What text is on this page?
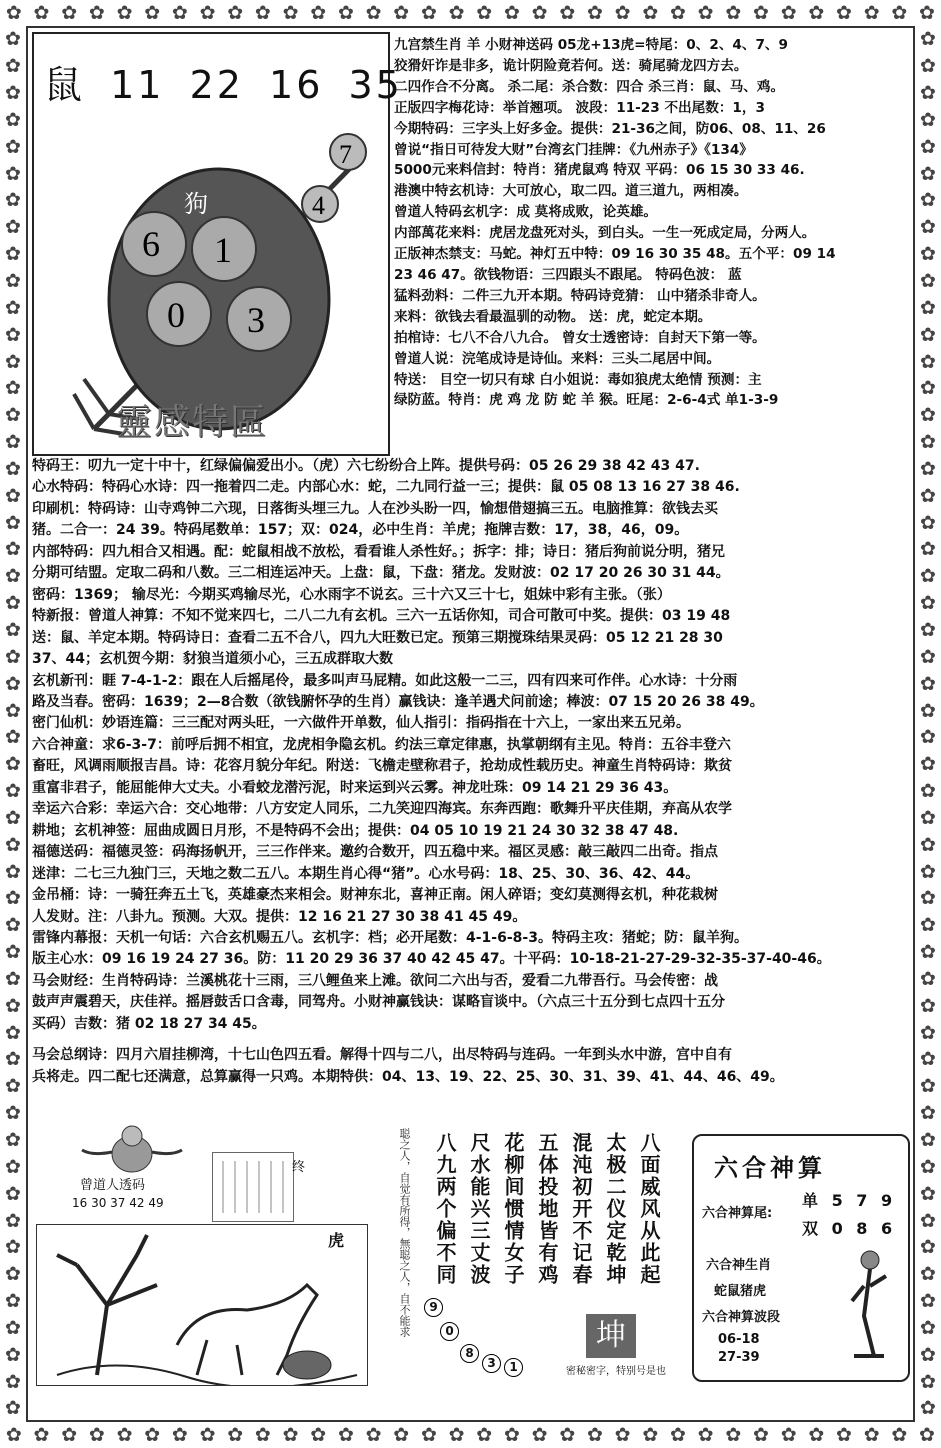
✿ ✿ ✿ ✿ ✿ ✿ ✿ ✿ ✿ ✿ ✿ ✿ ✿ ✿ ✿ ✿ ✿ ✿ ✿ ✿ ✿ ✿ ✿ ✿ ✿ ✿ ✿ ✿ ✿ ✿ ✿ ✿ ✿ ✿
✿ ✿ ✿ ✿ ✿ ✿ ✿ ✿ ✿ ✿ ✿ ✿ ✿ ✿ ✿ ✿ ✿ ✿ ✿ ✿ ✿ ✿ ✿ ✿ ✿ ✿ ✿ ✿ ✿ ✿ ✿ ✿ ✿ ✿
✿
✿
✿
✿
✿
✿
✿
✿
✿
✿
✿
✿
✿
✿
✿
✿
✿
✿
✿
✿
✿
✿
✿
✿
✿
✿
✿
✿
✿
✿
✿
✿
✿
✿
✿
✿
✿
✿
✿
✿
✿
✿
✿
✿
✿
✿
✿
✿
✿
✿
✿
✿
✿
✿
✿
✿
✿
✿
✿
✿
✿
✿
✿
✿
✿
✿
✿
✿
✿
✿
✿
✿
✿
✿
✿
✿
✿
✿
✿
✿
✿
✿
✿
✿
✿
✿
✿
✿
✿
✿
✿
✿
✿
✿
✿
✿
✿
✿
✿
✿
✿
✿
✿
✿
鼠 11 22 16 35
4
7
狗
6 1
0 3
靈感特區
九宫禁生肖 羊 小财神送码 05龙+13虎=特尾：0、2、4、7、9
狡猾奸诈是非多，诡计阴险竟若何。送：骑尾骑龙四方去。
二四作合不分离。 杀二尾：杀合数：四合 杀三肖：鼠、马、鸡。
正版四字梅花诗：举首翘项。 波段：11-23 不出尾数：1，3
今期特码：三字头上好多金。提供：21-36之间，防06、08、11、26
曾说“指日可待发大财”台湾玄门挂牌：《九州赤子》《134》
5000元来料信封：特肖：猪虎鼠鸡 特双 平码：06 15 30 33 46.
港澳中特玄机诗：大可放心，取二四。道三道九，两相凑。
曾道人特码玄机字：成 莫将成败，论英雄。
内部萬花来料：虎居龙盘死对头，到白头。一生一死成定局，分两人。
正版神杰禁支：马蛇。神灯五中特：09 16 30 35 48。五个平：09 14
23 46 47。欲钱物语：三四跟头不跟尾。 特码色波： 蓝
猛料劲料：二件三九开本期。特码诗竞猜： 山中猪杀非奇人。
来料：欲钱去看最温驯的动物。 送：虎，蛇定本期。
拍棺诗：七八不合八九合。 曾女士透密诗：自封天下第一等。
曾道人说：浣笔成诗是诗仙。来料：三头二尾居中间。
特送： 目空一切只有球 白小姐说：毒如狼虎太绝情 预测：主
绿防蓝。特肖：虎 鸡 龙 防 蛇 羊 猴。旺尾：2-6-4式 单1-3-9
特码王：叨九一定十中十，红绿偏偏爱出小。（虎）六七纷纷合上阵。提供号码：05 26 29 38 42 43 47.
心水特码：特码心水诗：四一拖着四二走。内部心水：蛇，二九同行益一三；提供：鼠 05 08 13 16 27 38 46.
印刷机：特码诗：山寺鸡钟二六现，日落街头埋三九。人在沙头盼一四，愉想借翅搞三五。电脑推算：欲钱去买
猪。二合一：24 39。特码尾数单：157；双：024，必中生肖：羊虎；拖牌吉数：17，38，46，09。
内部特码：四九相合又相遇。配：蛇鼠相战不放松，看看谁人杀性好。；拆字：排；诗日：猪后狗前说分明，猪兄
分期可结盟。定取二码和八数。三二相连运冲天。上盘：鼠，下盘：猪龙。发财波：02 17 20 26 30 31 44。
密码：1369； 输尽光：今期买鸡输尽光，心水雨字不说玄。三十六又三十七，姐妹中彩有主张。（张）
特新报：曾道人神算：不知不觉来四七，二八二九有玄机。三六一五话你知，司合可散可中奖。提供：03 19 48
送：鼠、羊定本期。特码诗日：查看二五不合八，四九大旺数已定。预第三期搅珠结果灵码：05 12 21 28 30
37、44；玄机贺今期：豺狼当道须小心，三五成群取大数
玄机新刊：睚 7-4-1-2：跟在人后摇尾伶，最多叫声马屁精。如此这般一二三，四有四来可作伴。心水诗：十分雨
路及当春。密码：1639；2—8合数（欲钱腑怀孕的生肖）赢钱诀：逢羊遇犬问前途；棒波：07 15 20 26 38 49。
密门仙机：妙语连篇：三三配对两头旺，一六做件开单数，仙人指引：指码指在十六上，一家出来五兄弟。
六合神童：求6-3-7：前呼后拥不相宜，龙虎相争隐玄机。约法三章定律惠，执掌朝纲有主见。特肖：五谷丰登六
畜旺，风调雨顺报吉昌。诗：花容月貌分年纪。附送：飞檐走壁称君子，抢劫成性载历史。神童生肖特码诗：欺贫
重富非君子，能屈能伸大丈夫。小看蛟龙潜污泥，时来运到兴云雾。神龙吐珠：09 14 21 29 36 43。
幸运六合彩：幸运六合：交心地带：八方安定人同乐，二九笑迎四海宾。东奔西跑：歌舞升平庆佳期，弃高从农学
耕地；玄机神签：屈曲成圆日月形，不是特码不会出；提供：04 05 10 19 21 24 30 32 38 47 48.
福德送码：福德灵签：码海扬帆开，三三作伴来。邀约合数开，四五稳中来。福区灵感：敲三敲四二出奇。指点
迷津：二七三九独门三，天地之数二五八。本期生肖心得“猪”。心水号码：18、25、30、36、42、44。
金吊桶：诗：一骑狂奔五土飞，英雄豪杰来相会。财神东北，喜神正南。闲人碎语；变幻莫测得玄机，种花栽树
人发财。注：八卦九。预测。大双。提供：12 16 21 27 30 38 41 45 49。
雷锋内幕报：天机一句话：六合玄机赐五八。玄机字：档；必开尾数：4-1-6-8-3。特码主攻：猪蛇；防：鼠羊狗。
版主心水：09 16 19 24 27 36。防：11 20 29 36 37 40 42 45 47。十平码：10-18-21-27-29-32-35-37-40-46。
马会财经：生肖特码诗：兰溪桃花十三雨，三八鲤鱼来上滩。欲问二六出与否，爱看二九带吾行。马会传密：战
鼓声声震碧天，庆佳祥。摇唇鼓舌口含毒，同驾舟。小财神赢钱诀：谋略盲谈中。（六点三十五分到七点四十五分
买码）吉数：猪 02 18 27 34 45。
马会总纲诗：四月六眉挂柳湾，十七山色四五看。解得十四与二八，出尽特码与连码。一年到头水中游，宫中自有
兵将走。四二配七还满意，总算赢得一只鸡。本期特供：04、13、19、22、25、30、31、39、41、44、46、49。
曾道人透码
16 30 37 42 49
终
虎	聪之人，自觉有所得，無聪之人，自不能求	八面威风从此起
太极二仪定乾坤
混沌初开不记春
五体投地皆有鸡
花柳间惯情女子
尺水能兴三丈波
八九两个偏不同
9
0
8
3	1
坤
密秘密字，特别号是也
六合神算
六合神算尾:
单 5 7 9
双 0 8 6
六合神生肖
蛇鼠猪虎
六合神算波段
06-18
27-39
